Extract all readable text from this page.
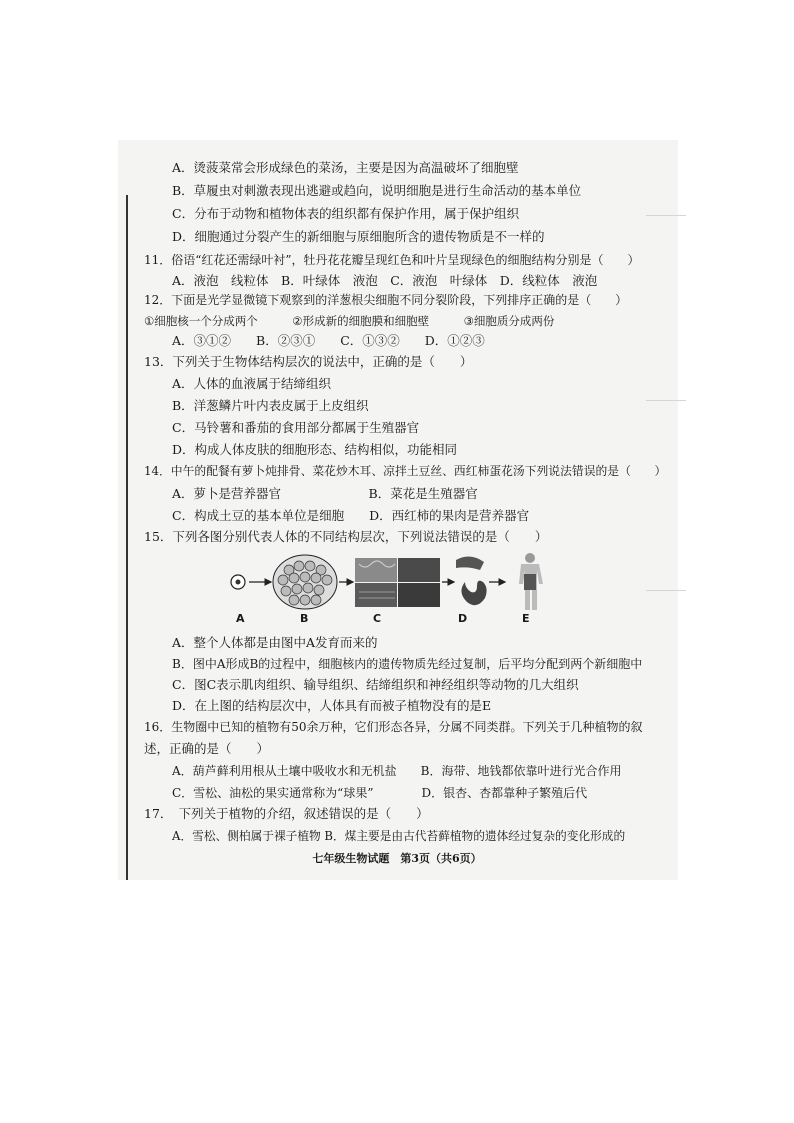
A．烫菠菜常会形成绿色的菜汤，主要是因为高温破坏了细胞壁
B．草履虫对刺激表现出逃避或趋向，说明细胞是进行生命活动的基本单位
C．分布于动物和植物体表的组织都有保护作用，属于保护组织
D．细胞通过分裂产生的新细胞与原细胞所含的遗传物质是不一样的
11．俗语“红花还需绿叶衬”，牡丹花花瓣呈现红色和叶片呈现绿色的细胞结构分别是（　　）
A．液泡　线粒体　B．叶绿体　液泡　C．液泡　叶绿体　D．线粒体　液泡
12．下面是光学显微镜下观察到的洋葱根尖细胞不同分裂阶段，下列排序正确的是（　　）
①细胞核一个分成两个　　　②形成新的细胞膜和细胞壁　　　③细胞质分成两份
A．③①②　　B．②③①　　C．①③②　　D．①②③
13．下列关于生物体结构层次的说法中，正确的是（　　）
A．人体的血液属于结缔组织
B．洋葱鳞片叶内表皮属于上皮组织
C．马铃薯和番茄的食用部分都属于生殖器官
D．构成人体皮肤的细胞形态、结构相似，功能相同
14．中午的配餐有萝卜炖排骨、菜花炒木耳、凉拌土豆丝、西红柿蛋花汤下列说法错误的是（　　）
A．萝卜是营养器官　　　　　　　B．菜花是生殖器官
C．构成土豆的基本单位是细胞　　D．西红柿的果肉是营养器官
15．下列各图分别代表人体的不同结构层次，下列说法错误的是（　　）
A	B	C	D	E
A．整个人体都是由图中A发育而来的
B．图中A形成B的过程中，细胞核内的遗传物质先经过复制，后平均分配到两个新细胞中
C．图C表示肌肉组织、输导组织、结缔组织和神经组织等动物的几大组织
D．在上图的结构层次中，人体具有而被子植物没有的是E
16．生物圈中已知的植物有50余万种，它们形态各异，分属不同类群。下列关于几种植物的叙
述，正确的是（　　）
A．葫芦藓利用根从土壤中吸收水和无机盐　　B．海带、地钱都依靠叶进行光合作用
C．雪松、油松的果实通常称为“球果”　　　　D．银杏、杏都靠种子繁殖后代
17．　下列关于植物的介绍，叙述错误的是（　　）
A．雪松、侧柏属于裸子植物 B．煤主要是由古代苔藓植物的遗体经过复杂的变化形成的
七年级生物试题　第3页（共6页）
